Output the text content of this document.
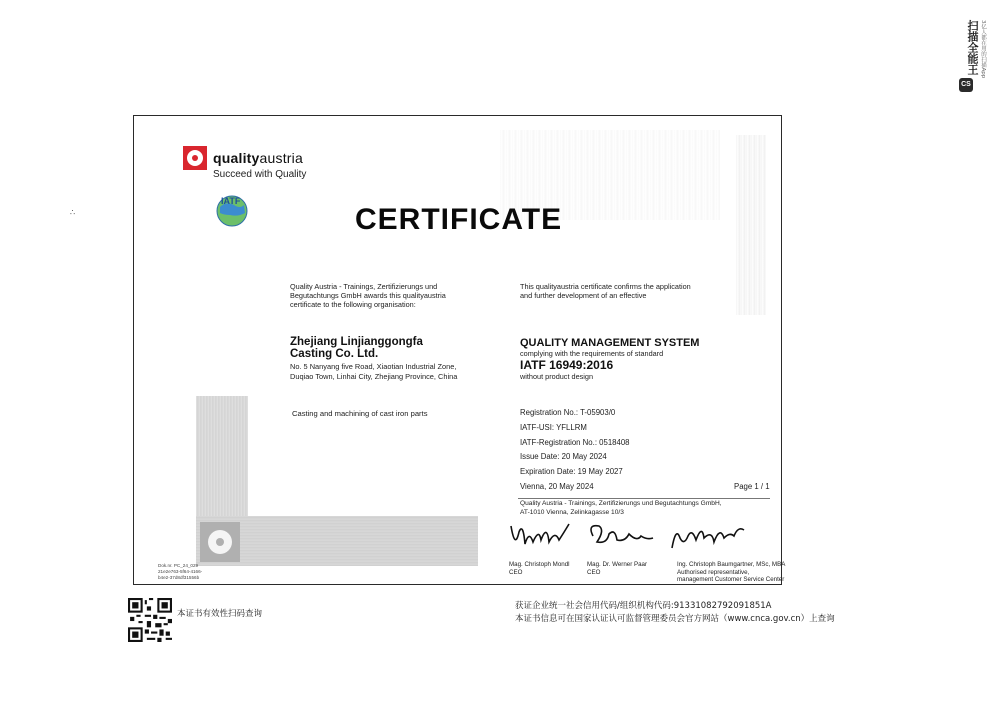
qualityaustria
Succeed with Quality
IATF
CERTIFICATE
Quality Austria - Trainings, Zertifizierungs und
Begutachtungs GmbH awards this qualityaustria
certificate to the following organisation:
This qualityaustria certificate confirms the application
and further development of an effective
Zhejiang Linjianggongfa
Casting Co. Ltd.
No. 5 Nanyang five Road, Xiaotian Industrial Zone,
Duqiao Town, Linhai City, Zhejiang Province, China
QUALITY MANAGEMENT SYSTEM
complying with the requirements of standard
IATF 16949:2016
without product design
Casting and machining of cast iron parts	Registration No.: T-05903/0
IATF-USI: YFLLRM
IATF-Registration No.: 0518408
Issue Date: 20 May 2024
Expiration Date: 19 May 2027
Vienna, 20 May 2024	Page 1 / 1
Quality Austria - Trainings, Zertifizierungs und Begutachtungs GmbH,
AT-1010 Vienna, Zelinkagasse 10/3
Mag. Christoph Mondl
CEO
Mag. Dr. Werner Paar
CEO
Ing. Christoph Baumgartner, MSc, MBA
Authorised representative,
management Customer Service Center
Dok.nr. PC_24_029
21e2e763-5f64-4166-
b4e2-37d8df31556b
本证书有效性扫码查询
获证企业统一社会信用代码/组织机构代码:91331082792091851A
本证书信息可在国家认证认可监督管理委员会官方网站（www.cnca.gov.cn）上查询
CS
扫描全能王 3亿人都在用的扫描App
∴
